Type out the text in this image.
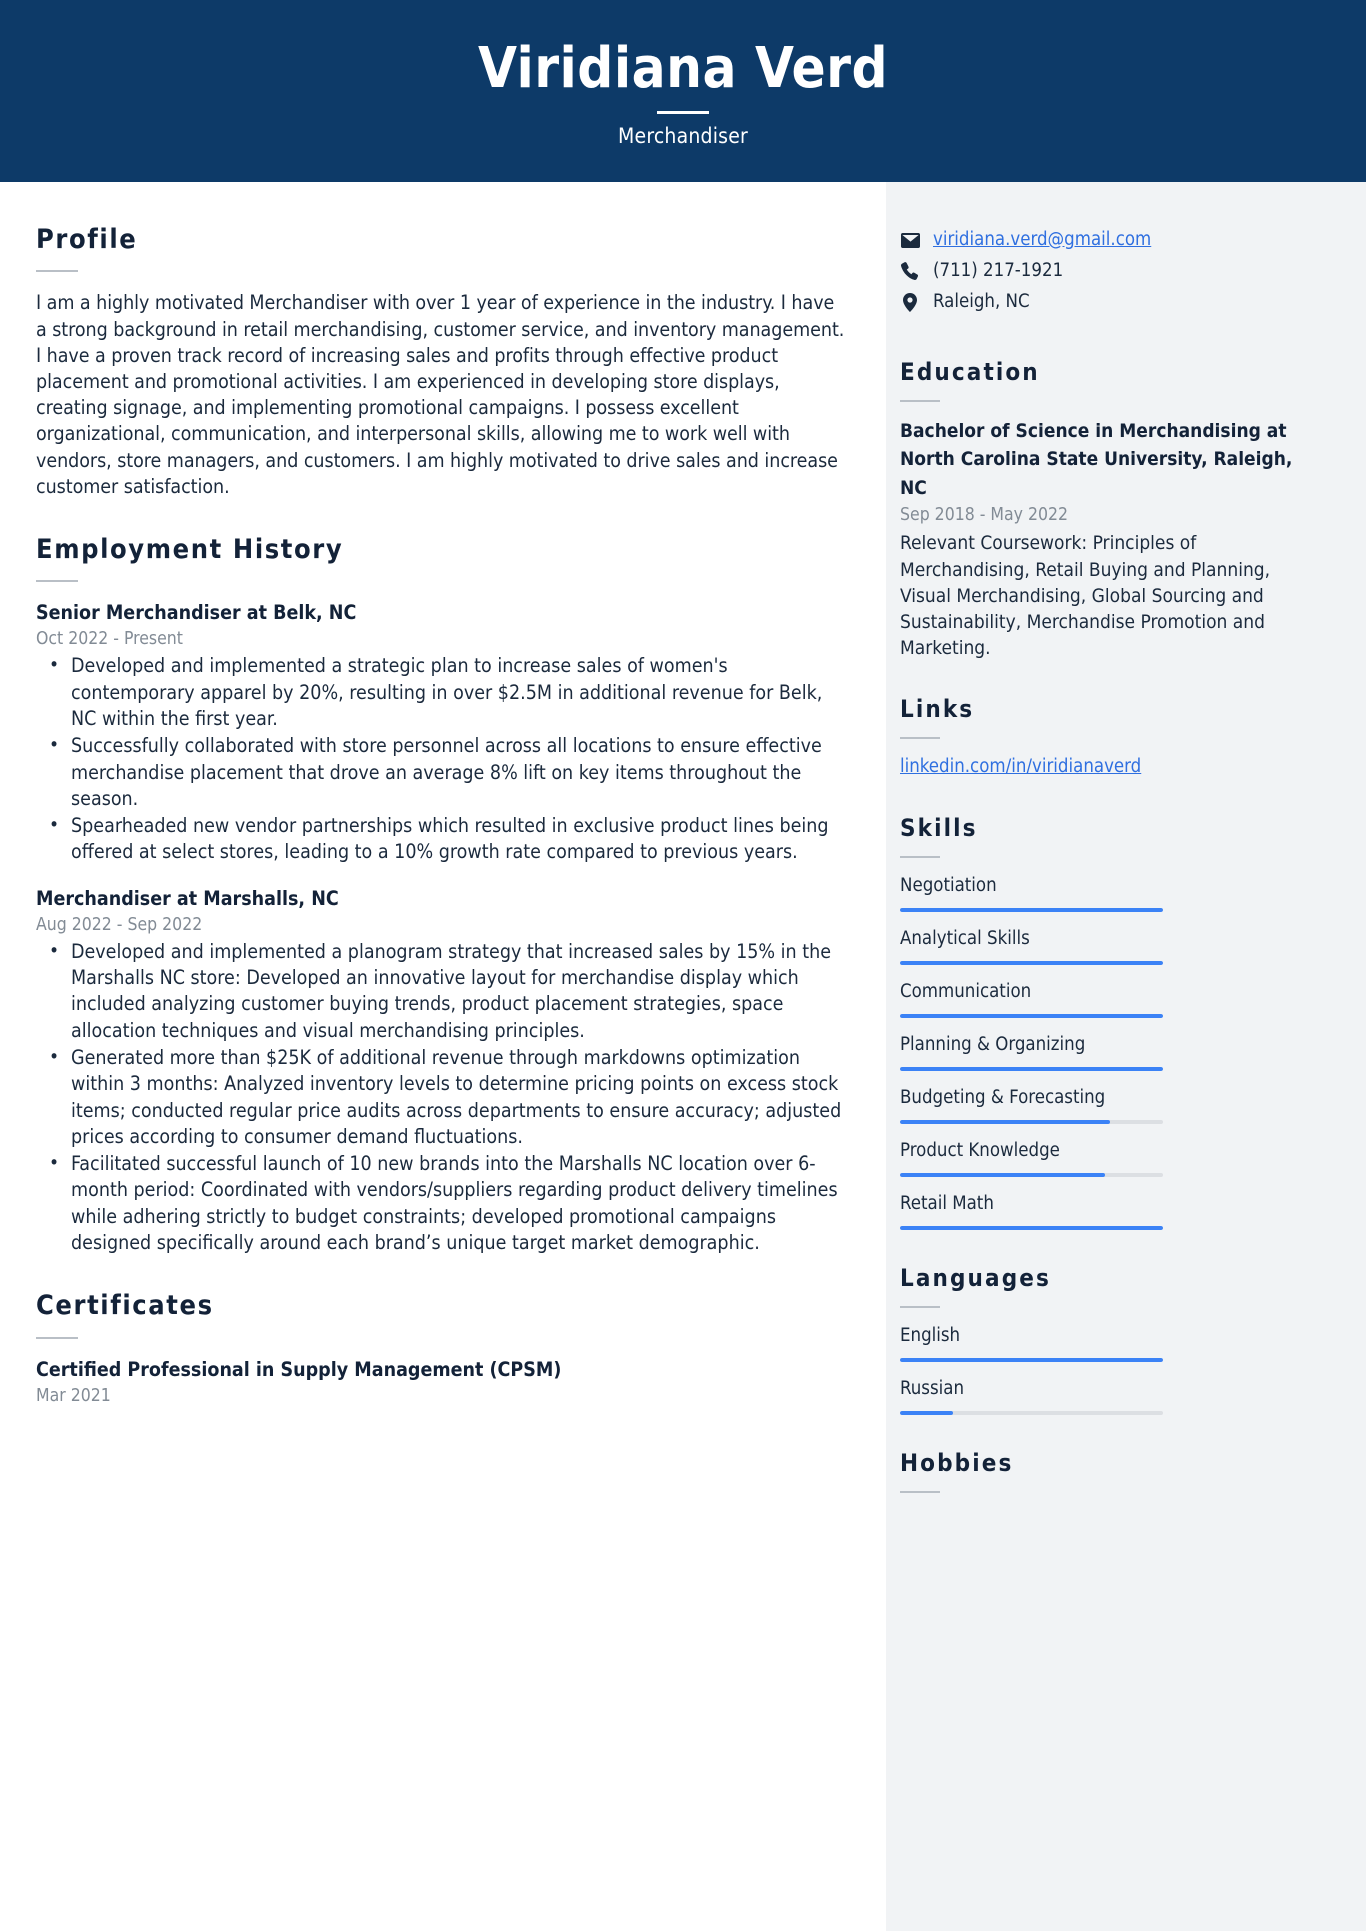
Viridiana Verd
Merchandiser
Profile
I am a highly motivated Merchandiser with over 1 year of experience in the industry. I have a strong background in retail merchandising, customer service, and inventory management. I have a proven track record of increasing sales and profits through effective product placement and promotional activities. I am experienced in developing store displays, creating signage, and implementing promotional campaigns. I possess excellent organizational, communication, and interpersonal skills, allowing me to work well with vendors, store managers, and customers. I am highly motivated to drive sales and increase customer satisfaction.
Employment History
Senior Merchandiser at Belk, NC
Oct 2022 - Present
• Developed and implemented a strategic plan to increase sales of women's contemporary apparel by 20%, resulting in over $2.5M in additional revenue for Belk, NC within the first year.
• Successfully collaborated with store personnel across all locations to ensure effective merchandise placement that drove an average 8% lift on key items throughout the season.
• Spearheaded new vendor partnerships which resulted in exclusive product lines being offered at select stores, leading to a 10% growth rate compared to previous years.
Merchandiser at Marshalls, NC
Aug 2022 - Sep 2022
• Developed and implemented a planogram strategy that increased sales by 15% in the Marshalls NC store: Developed an innovative layout for merchandise display which included analyzing customer buying trends, product placement strategies, space allocation techniques and visual merchandising principles.
• Generated more than $25K of additional revenue through markdowns optimization within 3 months: Analyzed inventory levels to determine pricing points on excess stock items; conducted regular price audits across departments to ensure accuracy; adjusted prices according to consumer demand fluctuations.
• Facilitated successful launch of 10 new brands into the Marshalls NC location over 6-month period: Coordinated with vendors/suppliers regarding product delivery timelines while adhering strictly to budget constraints; developed promotional campaigns designed specifically around each brand’s unique target market demographic.
Certificates
Certified Professional in Supply Management (CPSM)
Mar 2021
viridiana.verd@gmail.com
(711) 217-1921
Raleigh, NC
Education
Bachelor of Science in Merchandising at North Carolina State University, Raleigh, NC
Sep 2018 - May 2022
Relevant Coursework: Principles of Merchandising, Retail Buying and Planning, Visual Merchandising, Global Sourcing and Sustainability, Merchandise Promotion and Marketing.
Links
linkedin.com/in/viridianaverd
Skills
Negotiation
Analytical Skills
Communication
Planning & Organizing
Budgeting & Forecasting
Product Knowledge
Retail Math
Languages
English
Russian
Hobbies
